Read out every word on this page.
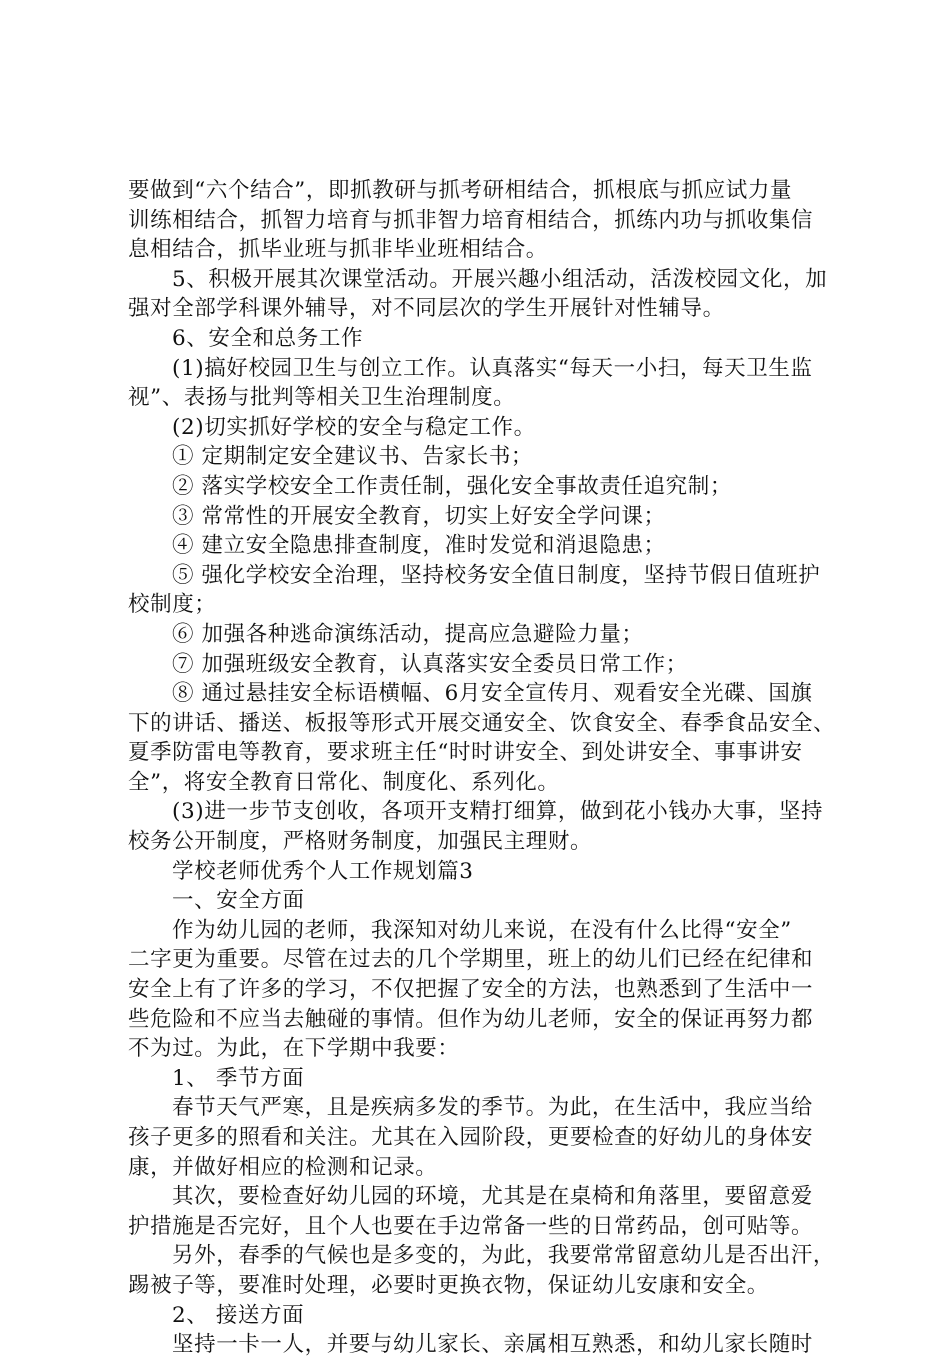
要做到“六个结合”，即抓教研与抓考研相结合，抓根底与抓应试力量
训练相结合，抓智力培育与抓非智力培育相结合，抓练内功与抓收集信
息相结合，抓毕业班与抓非毕业班相结合。
5、积极开展其次课堂活动。开展兴趣小组活动，活泼校园文化，加
强对全部学科课外辅导，对不同层次的学生开展针对性辅导。
6、安全和总务工作
(1)搞好校园卫生与创立工作。认真落实“每天一小扫，每天卫生监
视”、表扬与批判等相关卫生治理制度。
(2)切实抓好学校的安全与稳定工作。
① 定期制定安全建议书、告家长书；
② 落实学校安全工作责任制，强化安全事故责任追究制；
③ 常常性的开展安全教育，切实上好安全学问课；
④ 建立安全隐患排查制度，准时发觉和消退隐患；
⑤ 强化学校安全治理，坚持校务安全值日制度，坚持节假日值班护
校制度；
⑥ 加强各种逃命演练活动，提高应急避险力量；
⑦ 加强班级安全教育，认真落实安全委员日常工作；
⑧ 通过悬挂安全标语横幅、6月安全宣传月、观看安全光碟、国旗
下的讲话、播送、板报等形式开展交通安全、饮食安全、春季食品安全、
夏季防雷电等教育，要求班主任“时时讲安全、到处讲安全、事事讲安
全”，将安全教育日常化、制度化、系列化。
(3)进一步节支创收，各项开支精打细算，做到花小钱办大事，坚持
校务公开制度，严格财务制度，加强民主理财。
学校老师优秀个人工作规划篇3
一、安全方面
作为幼儿园的老师，我深知对幼儿来说，在没有什么比得“安全”
二字更为重要。尽管在过去的几个学期里，班上的幼儿们已经在纪律和
安全上有了许多的学习，不仅把握了安全的方法，也熟悉到了生活中一
些危险和不应当去触碰的事情。但作为幼儿老师，安全的保证再努力都
不为过。为此，在下学期中我要：
1、 季节方面
春节天气严寒，且是疾病多发的季节。为此，在生活中，我应当给
孩子更多的照看和关注。尤其在入园阶段，更要检查的好幼儿的身体安
康，并做好相应的检测和记录。
其次，要检查好幼儿园的环境，尤其是在桌椅和角落里，要留意爱
护措施是否完好，且个人也要在手边常备一些的日常药品，创可贴等。
另外，春季的气候也是多变的，为此，我要常常留意幼儿是否出汗，
踢被子等，要准时处理，必要时更换衣物，保证幼儿安康和安全。
2、 接送方面
坚持一卡一人，并要与幼儿家长、亲属相互熟悉，和幼儿家长随时
